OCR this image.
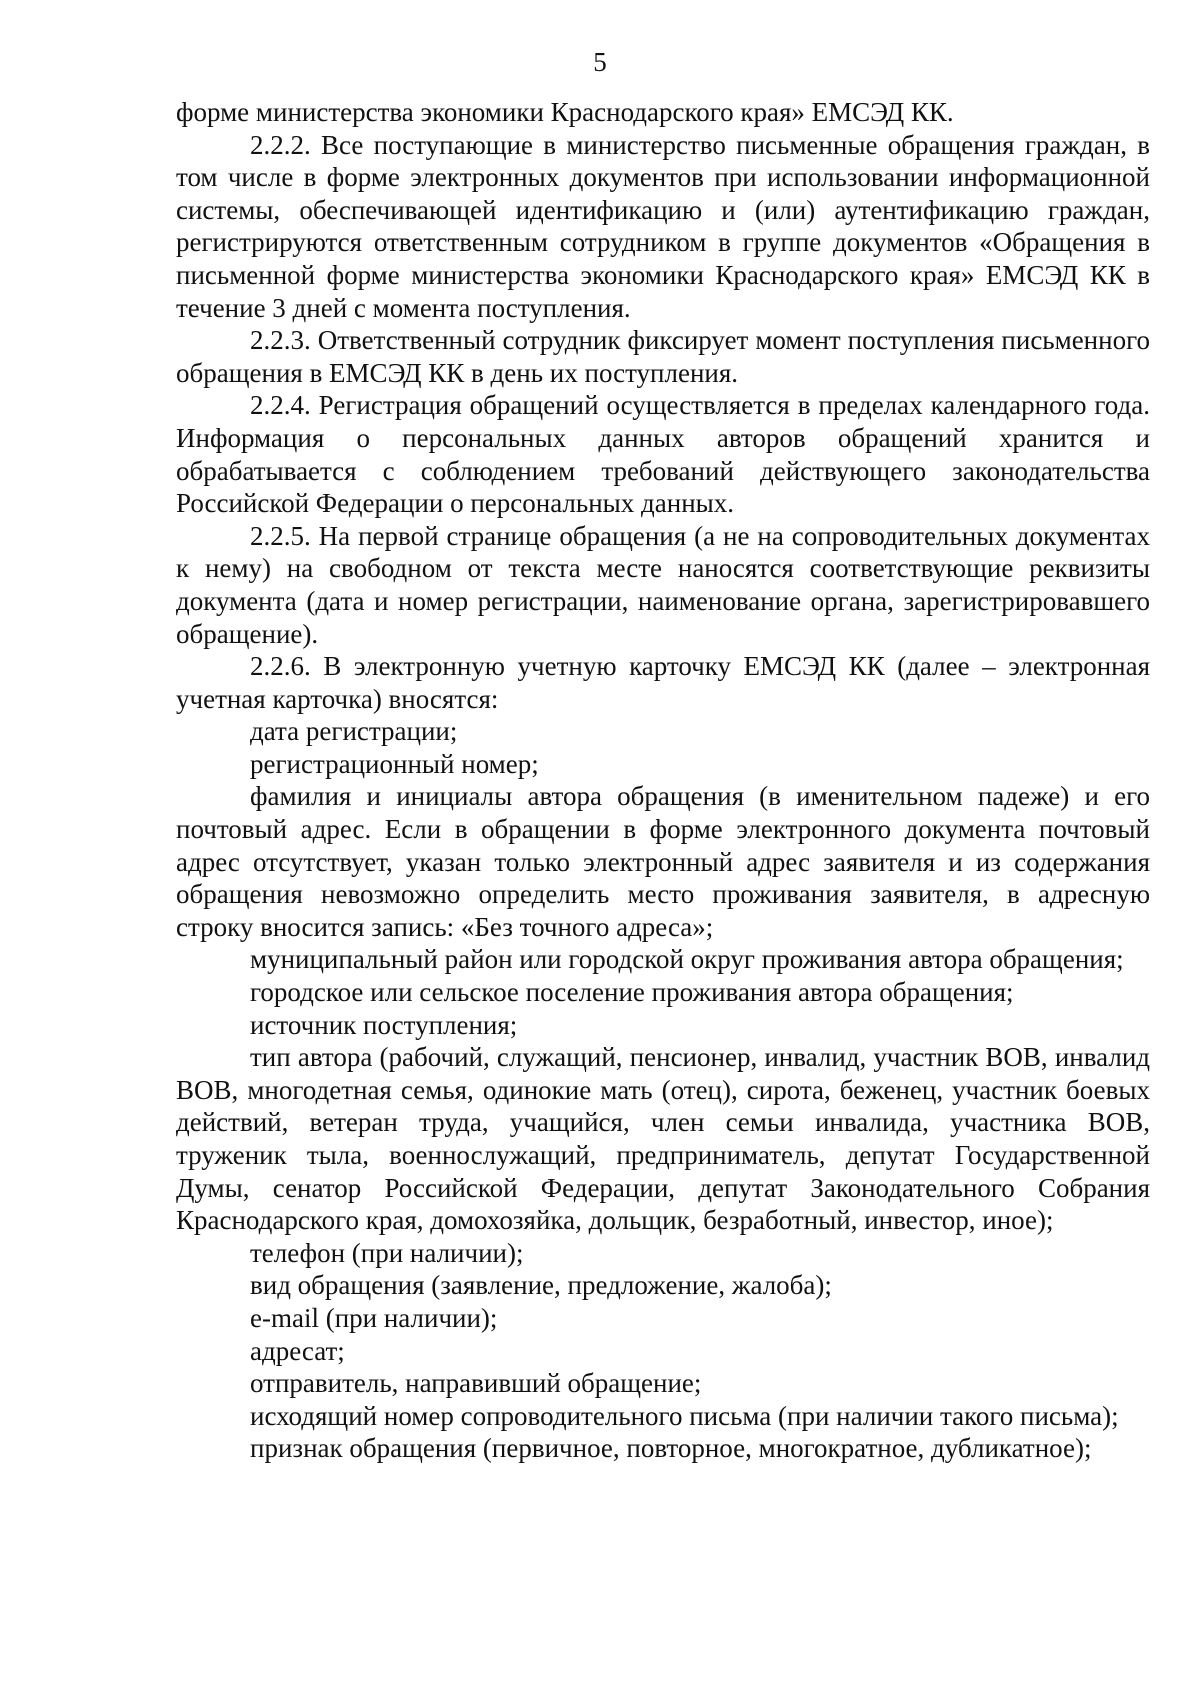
5

форме министерства экономики Краснодарского края» ЕМСЭД КК.

2.2.2. Все поступающие в министерство письменные обращения граждан, в том числе в форме электронных документов при использовании информационной системы, обеспечивающей идентификацию и (или) аутентификацию граждан, регистрируются ответственным сотрудником в группе документов «Обращения в письменной форме министерства экономики Краснодарского края» ЕМСЭД КК в течение 3 дней с момента поступления.

2.2.3. Ответственный сотрудник фиксирует момент поступления письменного обращения в ЕМСЭД КК в день их поступления.

2.2.4. Регистрация обращений осуществляется в пределах календарного года. Информация о персональных данных авторов обращений хранится и обрабатывается с соблюдением требований действующего законодательства Российской Федерации о персональных данных.

2.2.5. На первой странице обращения (а не на сопроводительных документах к нему) на свободном от текста месте наносятся соответствующие реквизиты документа (дата и номер регистрации, наименование органа, зарегистрировавшего обращение).

2.2.6. В электронную учетную карточку ЕМСЭД КК (далее – электронная учетная карточка) вносятся:

дата регистрации;

регистрационный номер;

фамилия и инициалы автора обращения (в именительном падеже) и его почтовый адрес. Если в обращении в форме электронного документа почтовый адрес отсутствует, указан только электронный адрес заявителя и из содержания обращения невозможно определить место проживания заявителя, в адресную строку вносится запись: «Без точного адреса»;

муниципальный район или городской округ проживания автора обращения;

городское или сельское поселение проживания автора обращения;

источник поступления;

тип автора (рабочий, служащий, пенсионер, инвалид, участник ВОВ, инвалид ВОВ, многодетная семья, одинокие мать (отец), сирота, беженец, участник боевых действий, ветеран труда, учащийся, член семьи инвалида, участника ВОВ, труженик тыла, военнослужащий, предприниматель, депутат Государственной Думы, сенатор Российской Федерации, депутат Законодательного Собрания Краснодарского края, домохозяйка, дольщик, безработный, инвестор, иное);

телефон (при наличии);

вид обращения (заявление, предложение, жалоба);

e-mail (при наличии);

адресат;

отправитель, направивший обращение;

исходящий номер сопроводительного письма (при наличии такого письма);

признак обращения (первичное, повторное, многократное, дубликатное);
